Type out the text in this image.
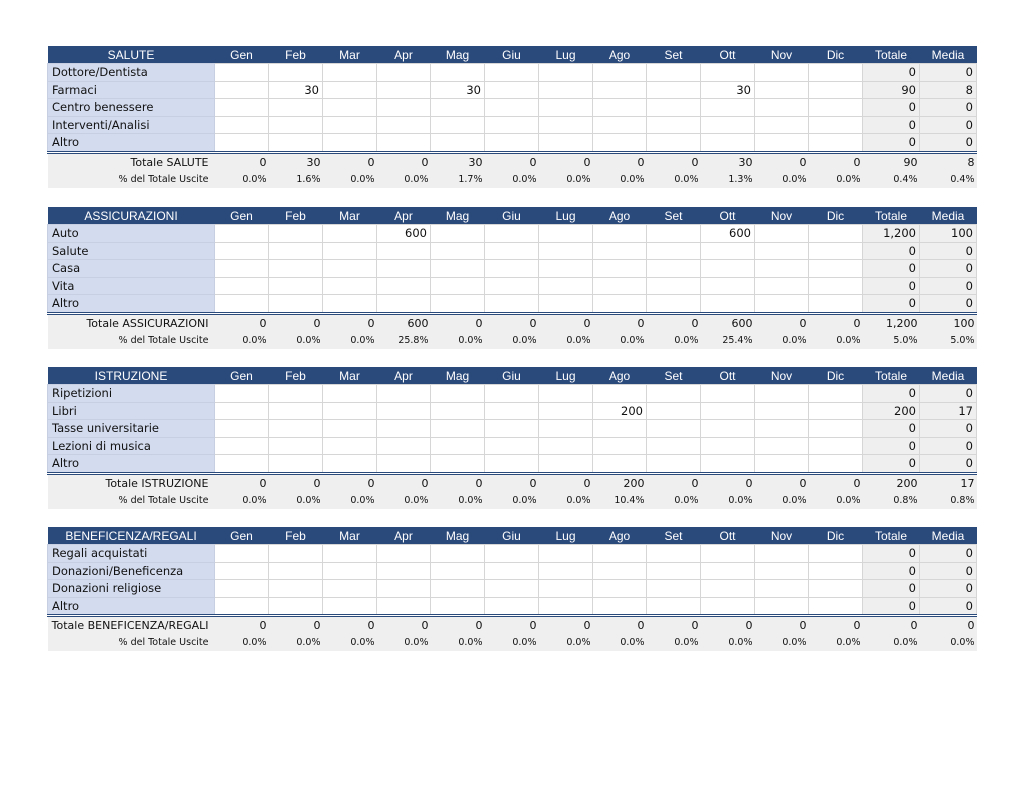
SALUTE	Gen	Feb	Mar	Apr	Mag	Giu	Lug	Ago	Set	Ott	Nov	Dic	Totale	Media
Dottore/Dentista													0	0
Farmaci		30			30					30			90	8
Centro benessere													0	0
Interventi/Analisi													0	0
Altro													0	0
Totale SALUTE	0	30	0	0	30	0	0	0	0	30	0	0	90	8
% del Totale Uscite	0.0%	1.6%	0.0%	0.0%	1.7%	0.0%	0.0%	0.0%	0.0%	1.3%	0.0%	0.0%	0.4%	0.4%
ASSICURAZIONI	Gen	Feb	Mar	Apr	Mag	Giu	Lug	Ago	Set	Ott	Nov	Dic	Totale	Media
Auto				600						600			1,200	100
Salute													0	0
Casa													0	0
Vita													0	0
Altro													0	0
Totale ASSICURAZIONI	0	0	0	600	0	0	0	0	0	600	0	0	1,200	100
% del Totale Uscite	0.0%	0.0%	0.0%	25.8%	0.0%	0.0%	0.0%	0.0%	0.0%	25.4%	0.0%	0.0%	5.0%	5.0%
ISTRUZIONE	Gen	Feb	Mar	Apr	Mag	Giu	Lug	Ago	Set	Ott	Nov	Dic	Totale	Media
Ripetizioni													0	0
Libri								200					200	17
Tasse universitarie													0	0
Lezioni di musica													0	0
Altro													0	0
Totale ISTRUZIONE	0	0	0	0	0	0	0	200	0	0	0	0	200	17
% del Totale Uscite	0.0%	0.0%	0.0%	0.0%	0.0%	0.0%	0.0%	10.4%	0.0%	0.0%	0.0%	0.0%	0.8%	0.8%
BENEFICENZA/REGALI	Gen	Feb	Mar	Apr	Mag	Giu	Lug	Ago	Set	Ott	Nov	Dic	Totale	Media
Regali acquistati													0	0
Donazioni/Beneficenza													0	0
Donazioni religiose													0	0
Altro													0	0
Totale BENEFICENZA/REGALI	0	0	0	0	0	0	0	0	0	0	0	0	0	0
% del Totale Uscite	0.0%	0.0%	0.0%	0.0%	0.0%	0.0%	0.0%	0.0%	0.0%	0.0%	0.0%	0.0%	0.0%	0.0%
